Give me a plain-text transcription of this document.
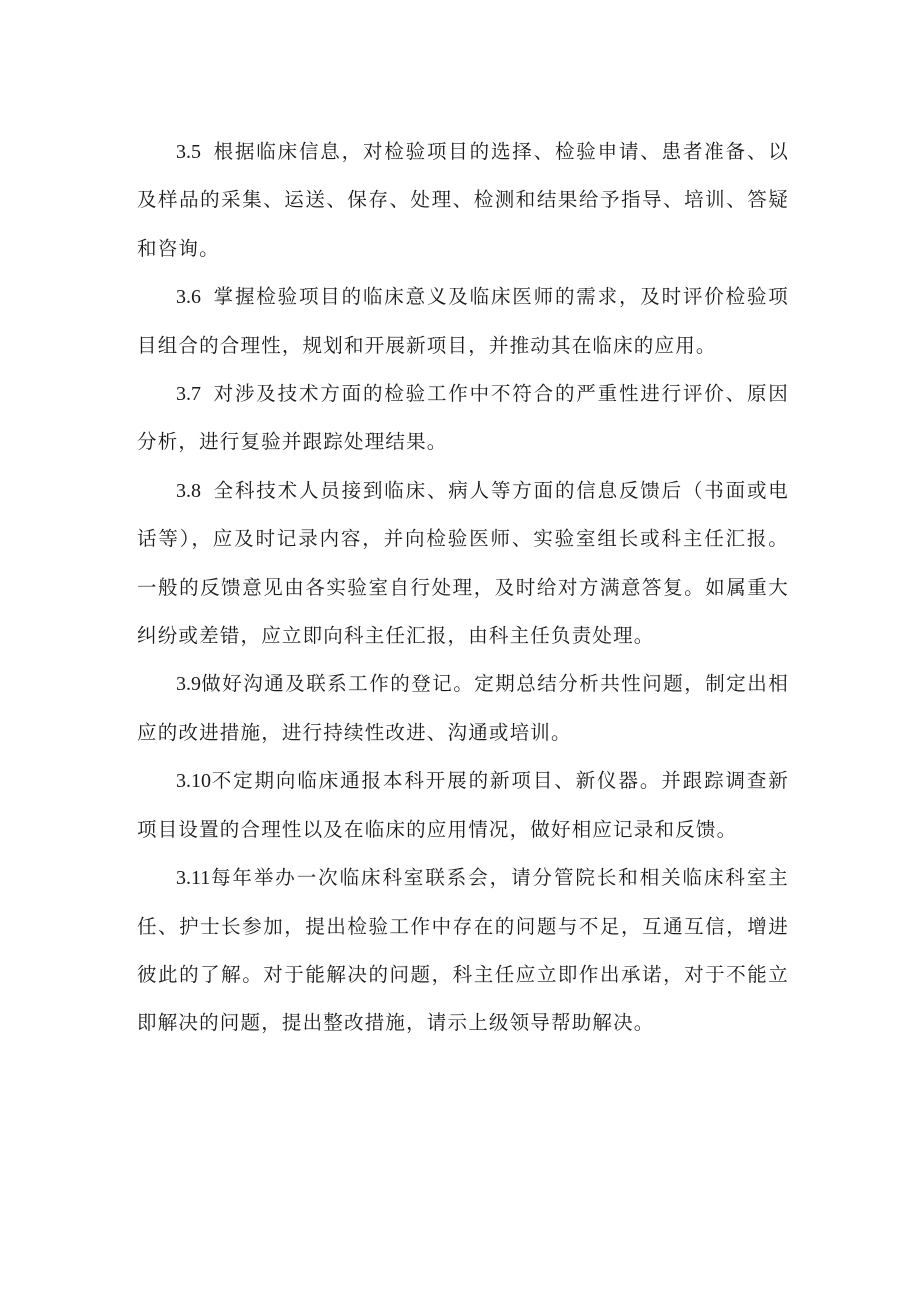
3.5 根据临床信息，对检验项目的选择、检验申请、患者准备、以及样品的采集、运送、保存、处理、检测和结果给予指导、培训、答疑和咨询。

3.6 掌握检验项目的临床意义及临床医师的需求，及时评价检验项目组合的合理性，规划和开展新项目，并推动其在临床的应用。

3.7 对涉及技术方面的检验工作中不符合的严重性进行评价、原因分析，进行复验并跟踪处理结果。

3.8 全科技术人员接到临床、病人等方面的信息反馈后（书面或电话等），应及时记录内容，并向检验医师、实验室组长或科主任汇报。一般的反馈意见由各实验室自行处理，及时给对方满意答复。如属重大纠纷或差错，应立即向科主任汇报，由科主任负责处理。

3.9做好沟通及联系工作的登记。定期总结分析共性问题，制定出相应的改进措施，进行持续性改进、沟通或培训。

3.10不定期向临床通报本科开展的新项目、新仪器。并跟踪调查新项目设置的合理性以及在临床的应用情况，做好相应记录和反馈。

3.11每年举办一次临床科室联系会，请分管院长和相关临床科室主任、护士长参加，提出检验工作中存在的问题与不足，互通互信，增进彼此的了解。对于能解决的问题，科主任应立即作出承诺，对于不能立即解决的问题，提出整改措施，请示上级领导帮助解决。
